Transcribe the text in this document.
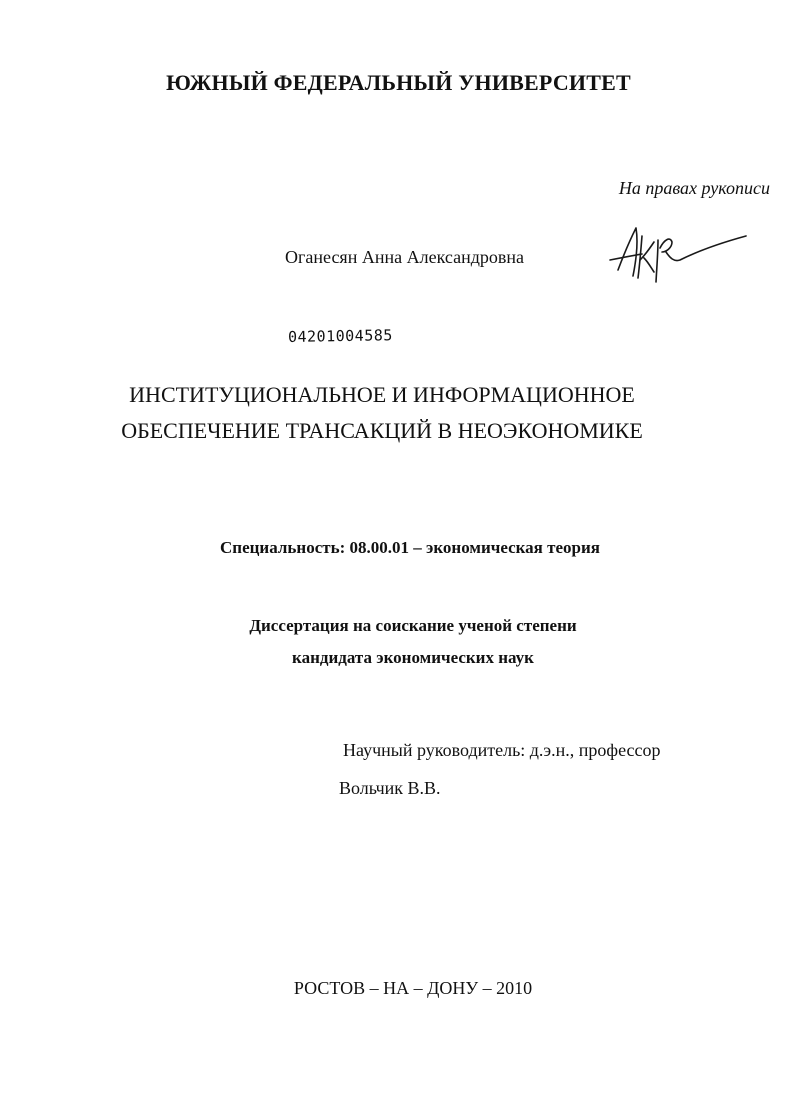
ЮЖНЫЙ ФЕДЕРАЛЬНЫЙ УНИВЕРСИТЕТ
На правах рукописи
Оганесян Анна Александровна
04201004585
ИНСТИТУЦИОНАЛЬНОЕ И ИНФОРМАЦИОННОЕ
ОБЕСПЕЧЕНИЕ ТРАНСАКЦИЙ В НЕОЭКОНОМИКЕ
Специальность: 08.00.01 – экономическая теория
Диссертация на соискание ученой степени
кандидата экономических наук
Научный руководитель: д.э.н., профессор
Вольчик В.В.
РОСТОВ – НА – ДОНУ – 2010
